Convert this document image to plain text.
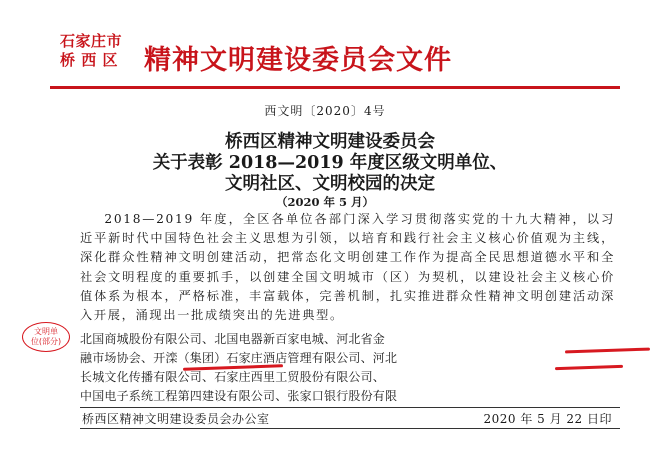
石家庄市
桥 西 区 精神文明建设委员会文件
西文明〔2020〕4号
桥西区精神文明建设委员会
关于表彰 2018—2019 年度区级文明单位、
文明社区、文明校园的决定
（2020 年 5 月）

2018—2019 年度，全区各单位各部门深入学习贯彻落实党的十九大精神，以习近平新时代中国特色社会主义思想为引领，以培育和践行社会主义核心价值观为主线，深化群众性精神文明创建活动，把常态化文明创建工作作为提高全民思想道德水平和全社会文明程度的重要抓手，以创建全国文明城市（区）为契机，以建设社会主义核心价值体系为根本，严格标准，丰富载体，完善机制，扎实推进群众性精神文明创建活动深入开展，涌现出一批成绩突出的先进典型。

文明单
位(部分) 北国商城股份有限公司、北国电器新百家电城、河北省金
融市场协会、开滦（集团）石家庄酒店管理有限公司、河北
长城文化传播有限公司、石家庄西里工贸股份有限公司、
中国电子系统工程第四建设有限公司、张家口银行股份有限
桥西区精神文明建设委员会办公室	2020 年 5 月 22 日印
